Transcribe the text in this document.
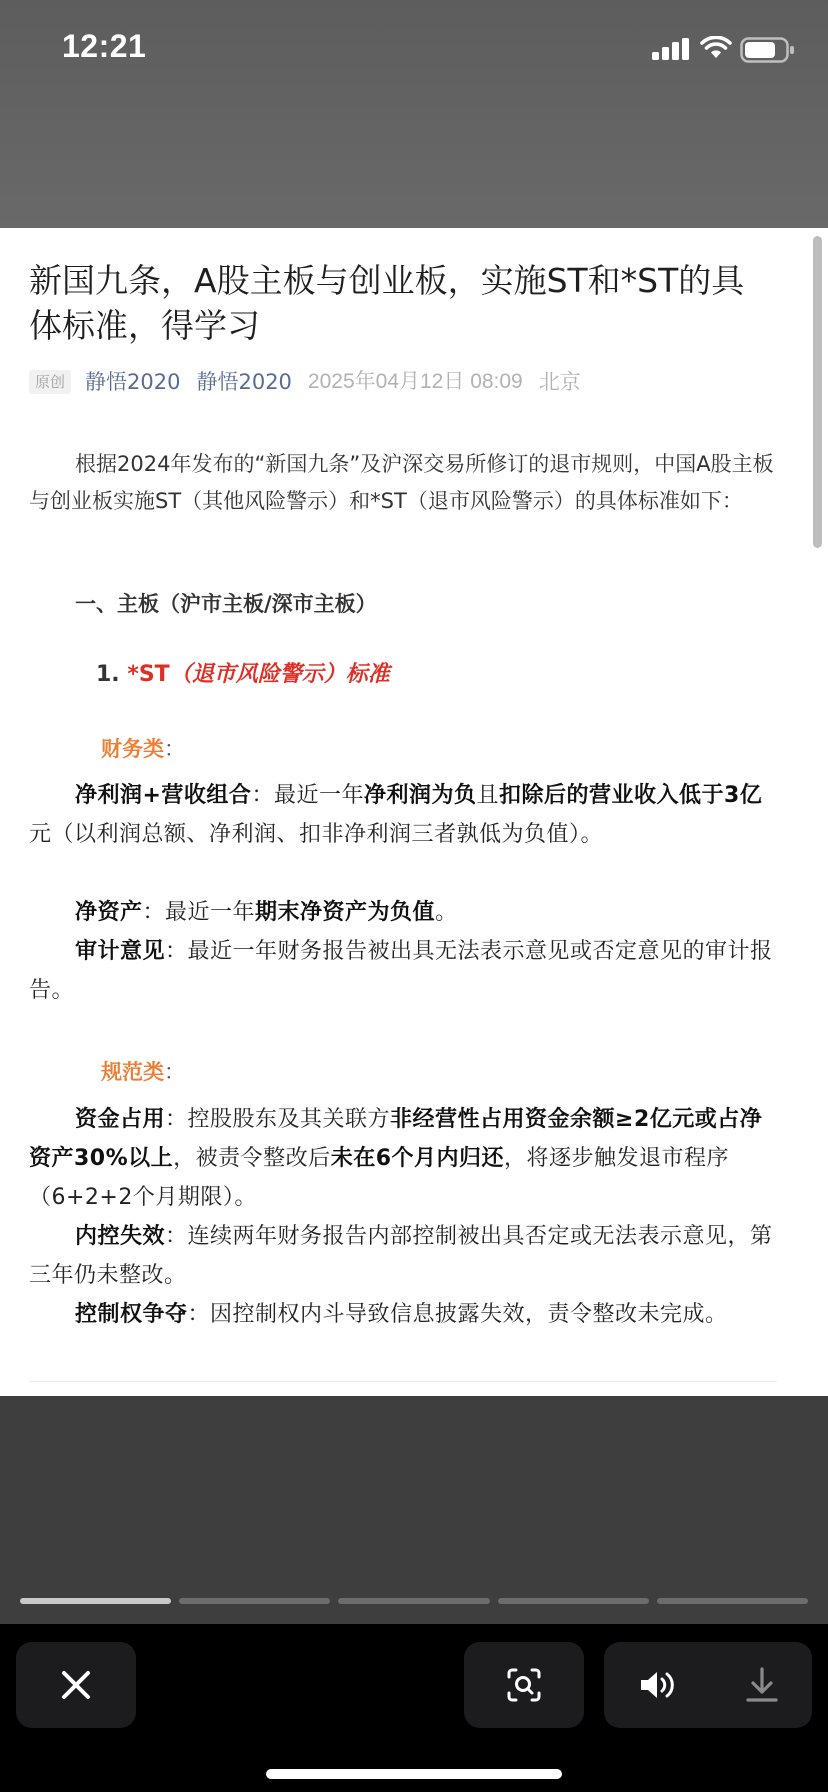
12:21
新国九条，A股主板与创业板，实施ST和*ST的具体标准，得学习
原创 静悟2020 静悟2020 2025年04月12日 08:09 北京

根据2024年发布的“新国九条”及沪深交易所修订的退市规则，中国A股主板与创业板实施ST（其他风险警示）和*ST（退市风险警示）的具体标准如下：

一、主板（沪市主板/深市主板）
1. *ST（退市风险警示）标准
财务类：

净利润+营收组合：最近一年净利润为负且扣除后的营业收入低于3亿元（以利润总额、净利润、扣非净利润三者孰低为负值）。

净资产：最近一年期末净资产为负值。

审计意见：最近一年财务报告被出具无法表示意见或否定意见的审计报告。

规范类：

资金占用：控股股东及其关联方非经营性占用资金余额≥2亿元或占净资产30%以上，被责令整改后未在6个月内归还，将逐步触发退市程序（6+2+2个月期限）。

内控失效：连续两年财务报告内部控制被出具否定或无法表示意见，第三年仍未整改。

控制权争夺：因控制权内斗导致信息披露失效，责令整改未完成。
